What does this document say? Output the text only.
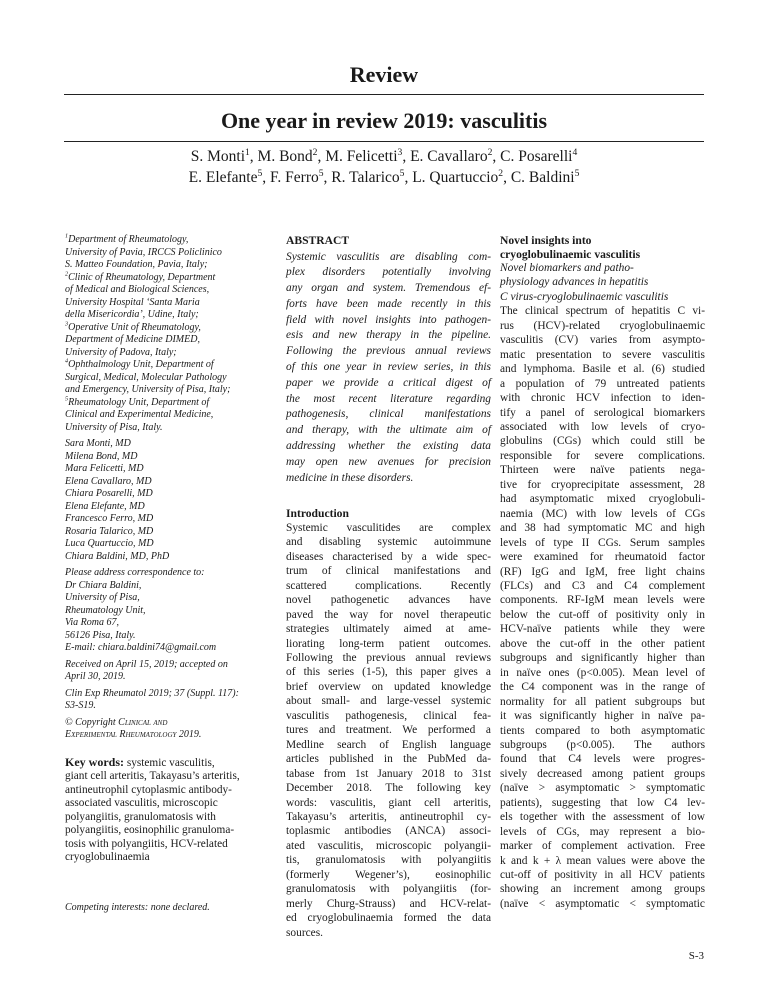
Review
One year in review 2019: vasculitis
S. Monti$^1$, M. Bond$^2$, M. Felicetti$^3$, E. Cavallaro$^2$, C. Posarelli$^4$
E. Elefante$^5$, F. Ferro$^5$, R. Talarico$^5$, L. Quartuccio$^2$, C. Baldini$^5$
$^1$Department of Rheumatology,
University of Pavia, IRCCS Policlinico
S. Matteo Foundation, Pavia, Italy;
$^2$Clinic of Rheumatology, Department
of Medical and Biological Sciences,
University Hospital ‘Santa Maria
della Misericordia’, Udine, Italy;
$^3$Operative Unit of Rheumatology,
Department of Medicine DIMED,
University of Padova, Italy;
$^4$Ophthalmology Unit, Department of
Surgical, Medical, Molecular Pathology
and Emergency, University of Pisa, Italy;
$^5$Rheumatology Unit, Department of
Clinical and Experimental Medicine,
University of Pisa, Italy.
Sara Monti, MD
Milena Bond, MD
Mara Felicetti, MD
Elena Cavallaro, MD
Chiara Posarelli, MD
Elena Elefante, MD
Francesco Ferro, MD
Rosaria Talarico, MD
Luca Quartuccio, MD
Chiara Baldini, MD, PhD
Please address correspondence to:
Dr Chiara Baldini,
University of Pisa,
Rheumatology Unit,
Via Roma 67,
56126 Pisa, Italy.
E-mail: chiara.baldini74@gmail.com
Received on April 15, 2019; accepted on
April 30, 2019.
Clin Exp Rheumatol 2019; 37 (Suppl. 117):
S3-S19.

© Copyright Clinical and

Experimental Rheumatology 2019.

Key words: systemic vasculitis,
giant cell arteritis, Takayasu’s arteritis,
antineutrophil cytoplasmic antibody-
associated vasculitis, microscopic
polyangiitis, granulomatosis with
polyangiitis, eosinophilic granuloma-
tosis with polyangiitis, HCV-related
cryoglobulinaemia
Competing interests: none declared.

ABSTRACT

Systemic vasculitis are disabling com-
plex disorders potentially involving
any organ and system. Tremendous ef-
forts have been made recently in this
field with novel insights into pathogen-
esis and new therapy in the pipeline.
Following the previous annual reviews
of this one year in review series, in this
paper we provide a critical digest of
the most recent literature regarding
pathogenesis, clinical manifestations
and therapy, with the ultimate aim of
addressing whether the existing data
may open new avenues for precision
medicine in these disorders.

Introduction

Systemic vasculitides are complex
and disabling systemic autoimmune
diseases characterised by a wide spec-
trum of clinical manifestations and
scattered complications. Recently
novel pathogenetic advances have
paved the way for novel therapeutic
strategies ultimately aimed at ame-
liorating long-term patient outcomes.
Following the previous annual reviews
of this series (1-5), this paper gives a
brief overview on updated knowledge
about small- and large-vessel systemic
vasculitis pathogenesis, clinical fea-
tures and treatment. We performed a
Medline search of English language
articles published in the PubMed da-
tabase from 1st January 2018 to 31st
December 2018. The following key
words: vasculitis, giant cell arteritis,
Takayasu’s arteritis, antineutrophil cy-
toplasmic antibodies (ANCA) associ-
ated vasculitis, microscopic polyangii-
tis, granulomatosis with polyangiitis
(formerly Wegener’s), eosinophilic
granulomatosis with polyangiitis (for-
merly Churg-Strauss) and HCV-relat-
ed cryoglobulinaemia formed the data
sources.

Novel insights into

cryoglobulinaemic vasculitis

Novel biomarkers and patho-

physiology advances in hepatitis

C virus-cryoglobulinaemic vasculitis

The clinical spectrum of hepatitis C vi-
rus (HCV)-related cryoglobulinaemic
vasculitis (CV) varies from asympto-
matic presentation to severe vasculitis
and lymphoma. Basile et al. (6) studied
a population of 79 untreated patients
with chronic HCV infection to iden-
tify a panel of serological biomarkers
associated with low levels of cryo-
globulins (CGs) which could still be
responsible for severe complications.
Thirteen were naïve patients nega-
tive for cryoprecipitate assessment, 28
had asymptomatic mixed cryoglobuli-
naemia (MC) with low levels of CGs
and 38 had symptomatic MC and high
levels of type II CGs. Serum samples
were examined for rheumatoid factor
(RF) IgG and IgM, free light chains
(FLCs) and C3 and C4 complement
components. RF-IgM mean levels were
below the cut-off of positivity only in
HCV-naïve patients while they were
above the cut-off in the other patient
subgroups and significantly higher than
in naïve ones (p<0.005). Mean level of
the C4 component was in the range of
normality for all patient subgroups but
it was significantly higher in naïve pa-
tients compared to both asymptomatic
subgroups (p<0.005). The authors
found that C4 levels were progres-
sively decreased among patient groups
(naïve > asymptomatic > symptomatic
patients), suggesting that low C4 lev-
els together with the assessment of low
levels of CGs, may represent a bio-
marker of complement activation. Free
k and k + λ mean values were above the
cut-off of positivity in all HCV patients
showing an increment among groups
(naïve < asymptomatic < symptomatic
S-3
